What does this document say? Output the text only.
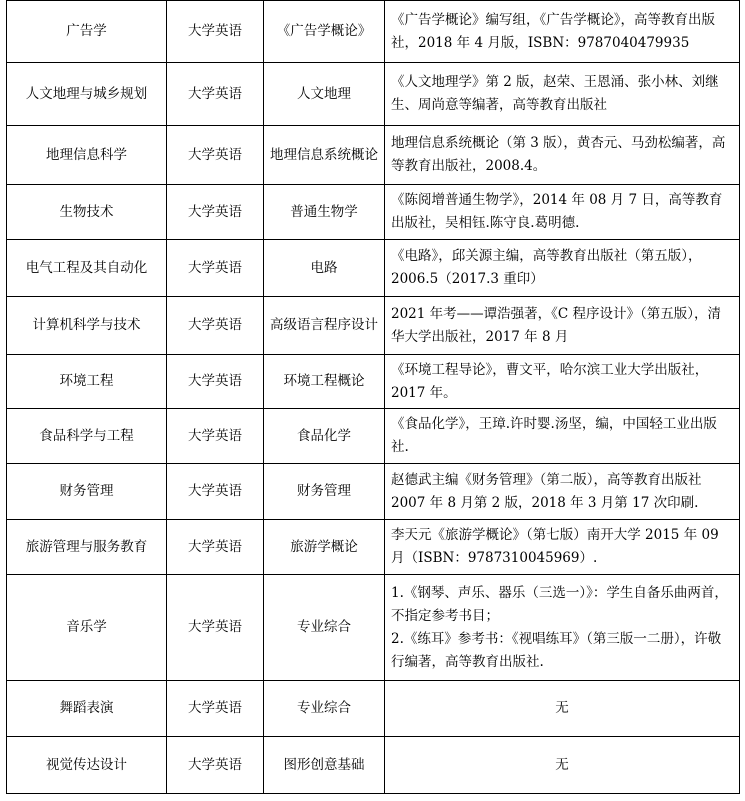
广告学	大学英语	《广告学概论》	《广告学概论》编写组，《广告学概论》，高等教育出版社，2018 年 4 月版，ISBN：9787040479935
人文地理与城乡规划	大学英语	人文地理	《人文地理学》第 2 版，赵荣、王恩涌、张小林、刘继生、周尚意等编著，高等教育出版社
地理信息科学	大学英语	地理信息系统概论	地理信息系统概论（第 3 版），黄杏元、马劲松编著，高等教育出版社，2008.4。
生物技术	大学英语	普通生物学	《陈阅增普通生物学》，2014 年 08 月 7 日，高等教育出版社，吴相钰.陈守良.葛明德.
电气工程及其自动化	大学英语	电路	《电路》，邱关源主编，高等教育出版社（第五版），2006.5（2017.3 重印）
计算机科学与技术	大学英语	高级语言程序设计	2021 年考——谭浩强著，《C 程序设计》（第五版），清华大学出版社，2017 年 8 月
环境工程	大学英语	环境工程概论	《环境工程导论》，曹文平，哈尔滨工业大学出版社，2017 年。
食品科学与工程	大学英语	食品化学	《食品化学》，王璋.许时婴.汤坚，编，中国轻工业出版社.
财务管理	大学英语	财务管理	赵德武主编《财务管理》（第二版），高等教育出版社 2007 年 8 月第 2 版，2018 年 3 月第 17 次印刷.
旅游管理与服务教育	大学英语	旅游学概论	李天元《旅游学概论》（第七版）南开大学 2015 年 09 月（ISBN：9787310045969）.
音乐学	大学英语	专业综合	1.《钢琴、声乐、器乐（三选一）》：学生自备乐曲两首，不指定参考书目；
2.《练耳》参考书：《视唱练耳》（第三版一二册），许敬行编著，高等教育出版社.

舞蹈表演	大学英语	专业综合	无
视觉传达设计	大学英语	图形创意基础	无
